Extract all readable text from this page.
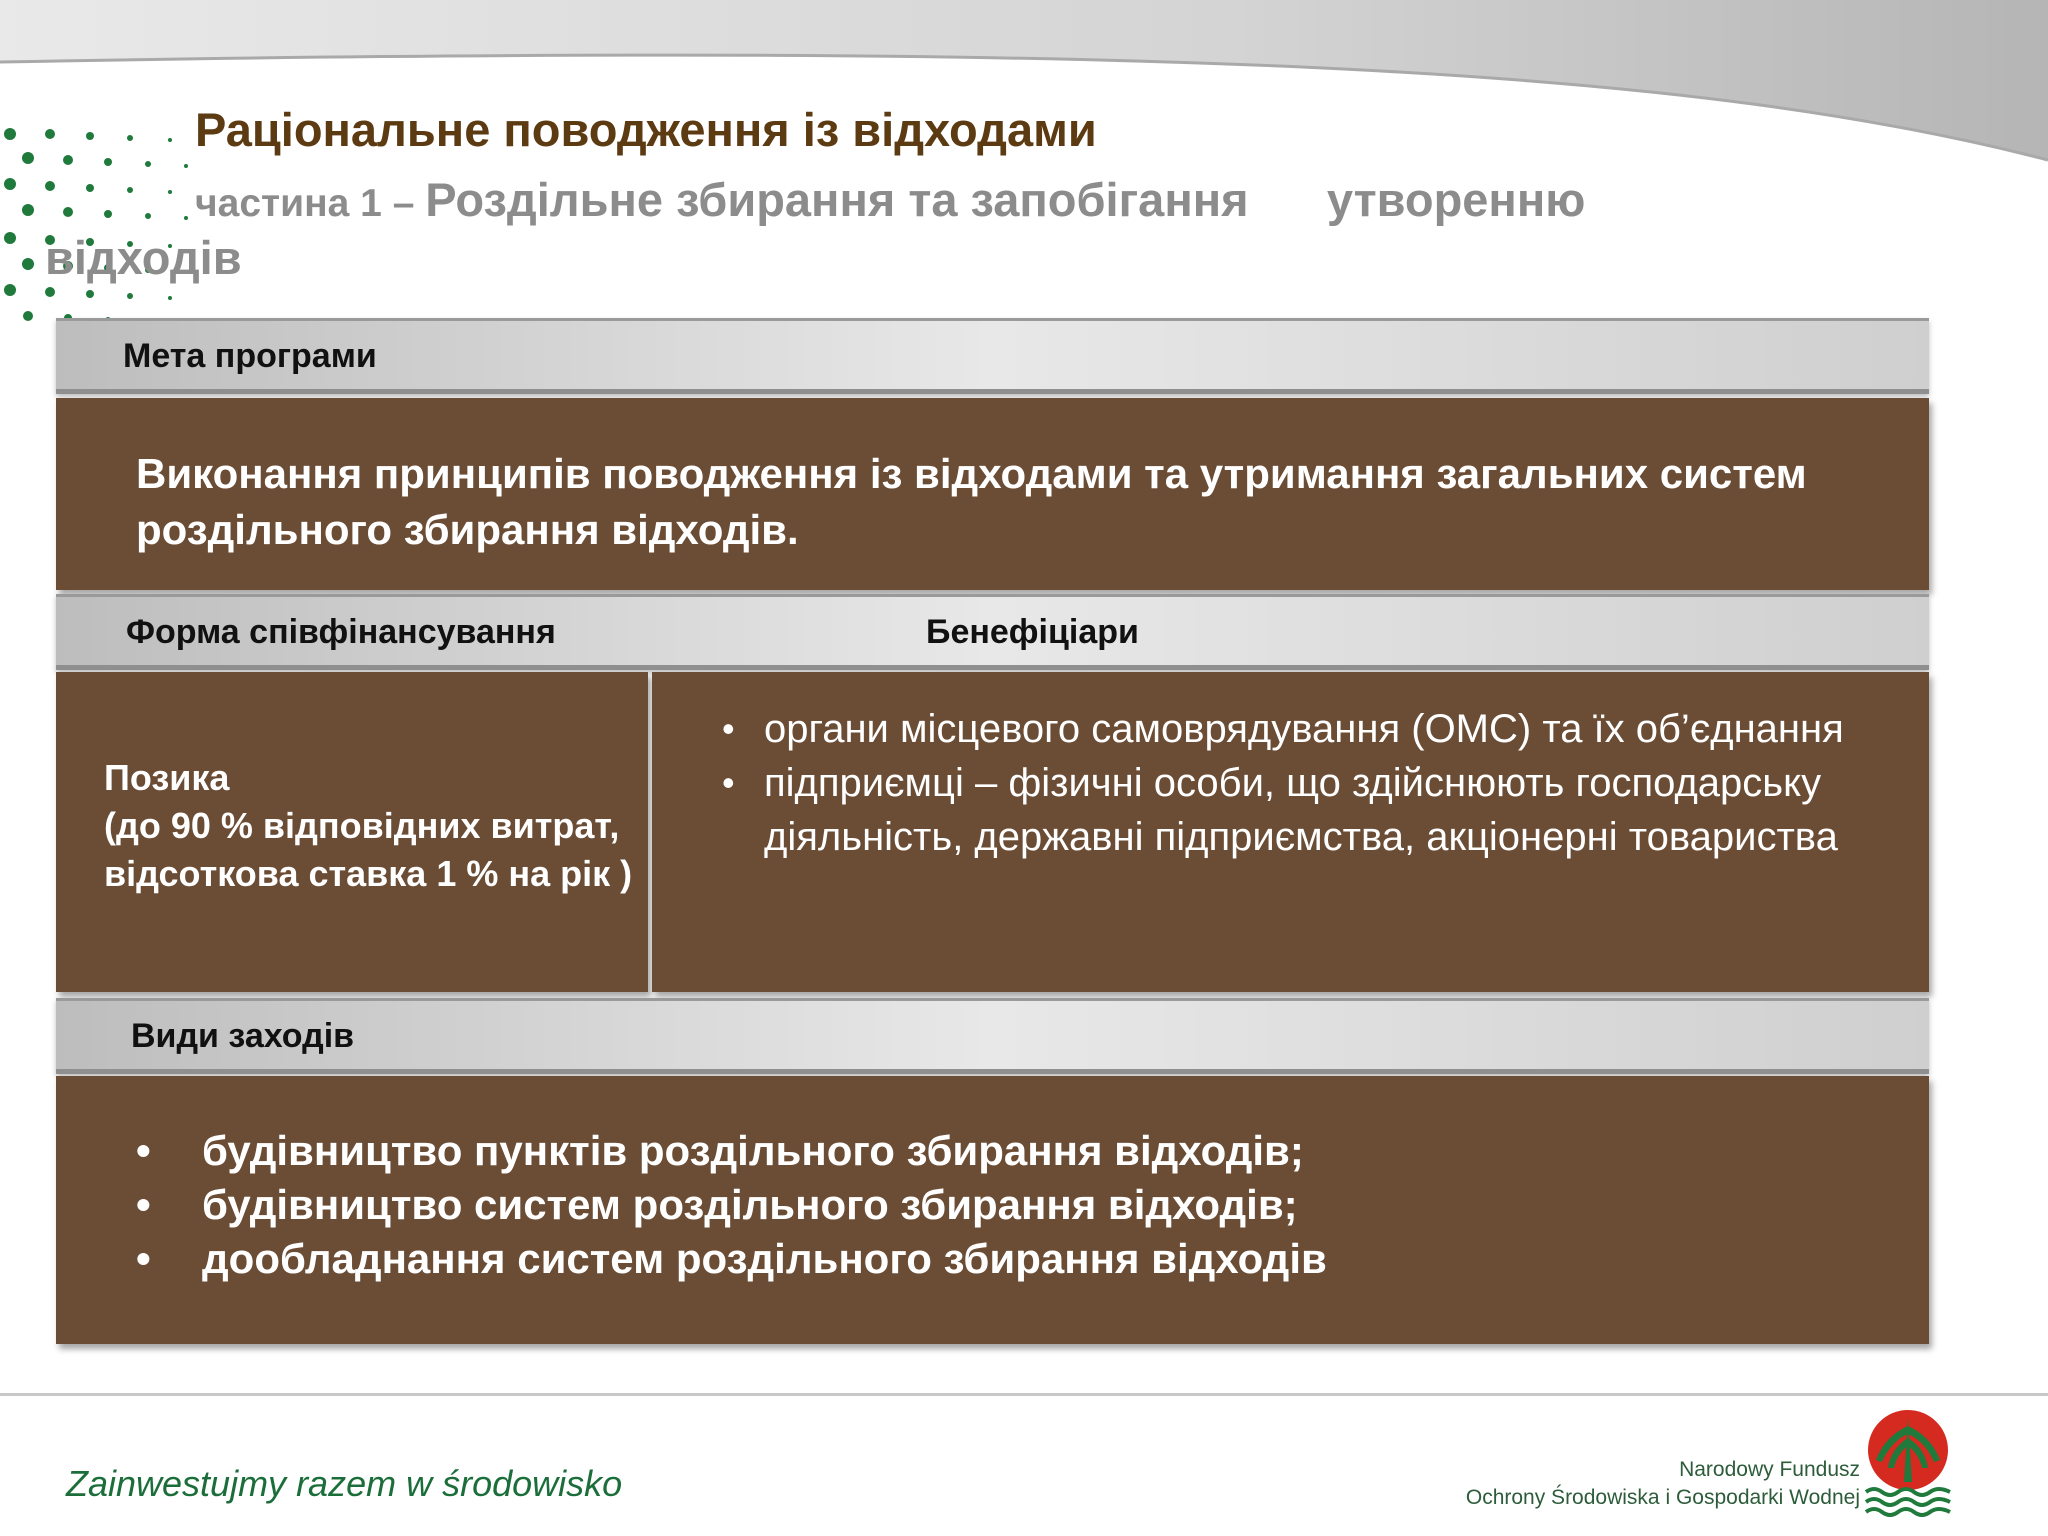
Раціональне поводження із відходами
частина 1 – Роздільне збирання та запобігання      утворенню
відходів
Мета програми
Виконання принципів поводження із відходами та утримання загальних систем роздільного збирання відходів.
Форма співфінансування	Бенефіціари
Позика
(до 90 % відповідних витрат, відсоткова ставка 1 % на рік )
• органи місцевого самоврядування (ОМС) та їх об’єднання
• підприємці – фізичні особи, що здійснюють господарську діяльність, державні підприємства, акціонерні товариства
Види заходів
• будівництво пунктів роздільного збирання відходів;
• будівництво систем роздільного збирання відходів;
• дообладнання систем роздільного збирання відходів
Zainwestujmy razem w środowisko	Narodowy Fundusz
Ochrony Środowiska i Gospodarki Wodnej
